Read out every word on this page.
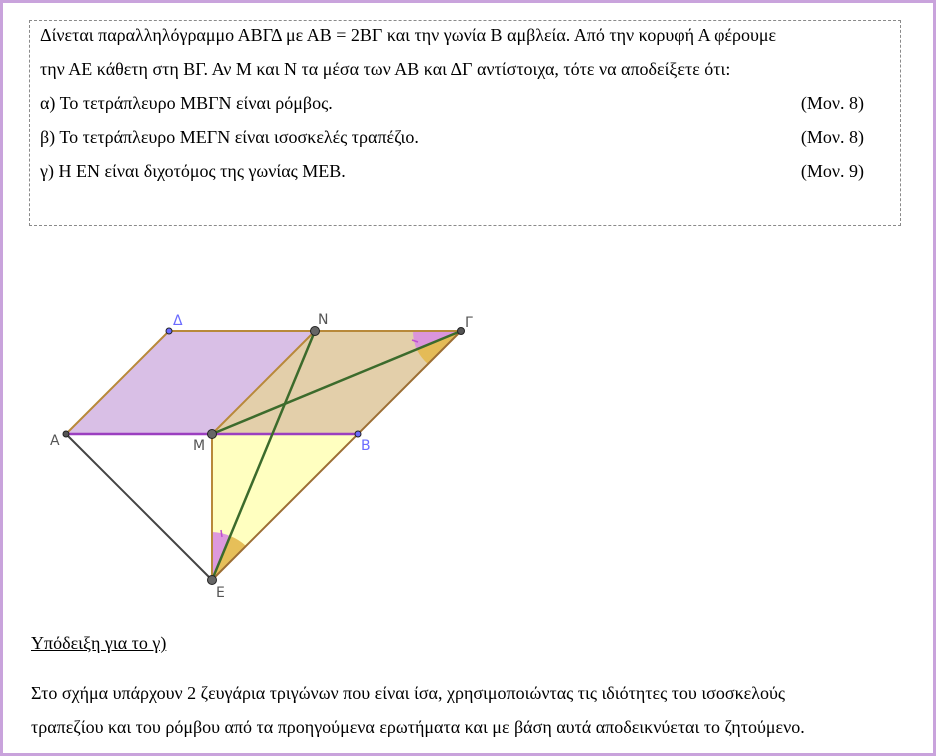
Δίνεται παραλληλόγραμμο ΑΒΓΔ με ΑΒ = 2ΒΓ και την γωνία Β αμβλεία. Από την κορυφή Α φέρουμε
την ΑΕ κάθετη στη ΒΓ. Αν Μ και Ν τα μέσα των ΑΒ και ΔΓ αντίστοιχα, τότε να αποδείξετε ότι:
α) Το τετράπλευρο ΜΒΓΝ είναι ρόμβος.	(Μον. 8)
β) Το τετράπλευρο ΜΕΓΝ είναι ισοσκελές τραπέζιο.	(Μον. 8)
γ) Η ΕΝ είναι διχοτόμος της γωνίας ΜΕΒ.	(Μον. 9)
Α
Δ
Β
Γ
Μ
Ν
Ε
Υπόδειξη για το γ)
Στο σχήμα υπάρχουν 2 ζευγάρια τριγώνων που είναι ίσα, χρησιμοποιώντας τις ιδιότητες του ισοσκελούς
τραπεζίου και του ρόμβου από τα προηγούμενα ερωτήματα και με βάση αυτά αποδεικνύεται το ζητούμενο.
